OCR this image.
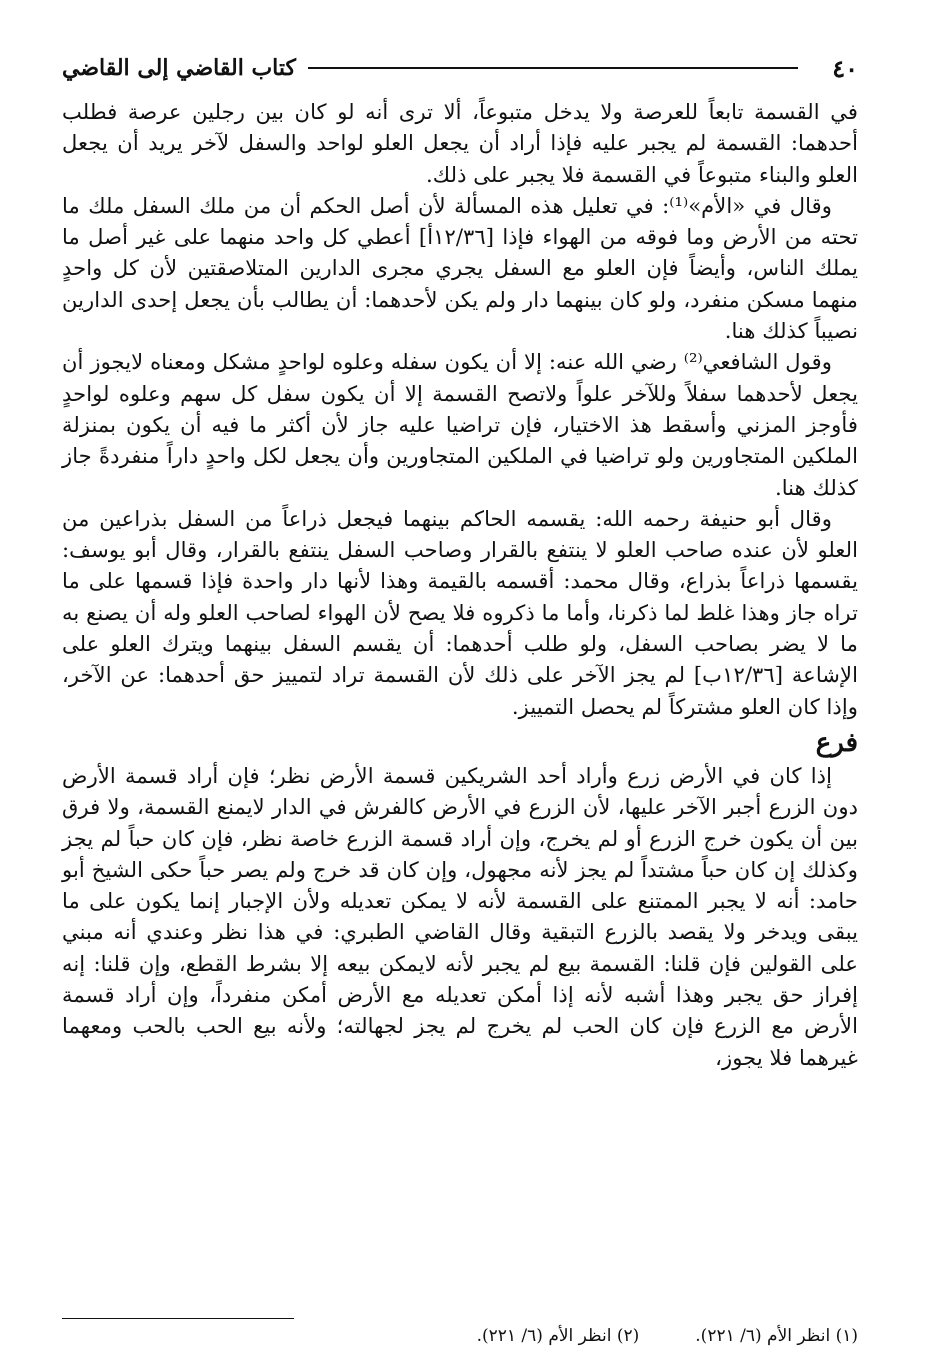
٤٠
كتاب القاضي إلى القاضي

في القسمة تابعاً للعرصة ولا يدخل متبوعاً، ألا ترى أنه لو كان بين رجلين عرصة فطلب أحدهما: القسمة لم يجبر عليه فإذا أراد أن يجعل العلو لواحد والسفل لآخر يريد أن يجعل العلو والبناء متبوعاً في القسمة فلا يجبر على ذلك.

وقال في «الأم»⁽¹⁾: في تعليل هذه المسألة لأن أصل الحكم أن من ملك السفل ملك ما تحته من الأرض وما فوقه من الهواء فإذا [١٢/٣٦أ] أعطي كل واحد منهما على غير أصل ما يملك الناس، وأيضاً فإن العلو مع السفل يجري مجرى الدارين المتلاصقتين لأن كل واحدٍ منهما مسكن منفرد، ولو كان بينهما دار ولم يكن لأحدهما: أن يطالب بأن يجعل إحدى الدارين نصيباً كذلك هنا.

وقول الشافعي⁽²⁾ رضي الله عنه: إلا أن يكون سفله وعلوه لواحدٍ مشكل ومعناه لايجوز أن يجعل لأحدهما سفلاً وللآخر علواً ولاتصح القسمة إلا أن يكون سفل كل سهم وعلوه لواحدٍ فأوجز المزني وأسقط هذ الاختيار، فإن تراضيا عليه جاز لأن أكثر ما فيه أن يكون بمنزلة الملكين المتجاورين ولو تراضيا في الملكين المتجاورين وأن يجعل لكل واحدٍ داراً منفردةً جاز كذلك هنا.

وقال أبو حنيفة رحمه الله: يقسمه الحاكم بينهما فيجعل ذراعاً من السفل بذراعين من العلو لأن عنده صاحب العلو لا ينتفع بالقرار وصاحب السفل ينتفع بالقرار، وقال أبو يوسف: يقسمها ذراعاً بذراع، وقال محمد: أقسمه بالقيمة وهذا لأنها دار واحدة فإذا قسمها على ما تراه جاز وهذا غلط لما ذكرنا، وأما ما ذكروه فلا يصح لأن الهواء لصاحب العلو وله أن يصنع به ما لا يضر بصاحب السفل، ولو طلب أحدهما: أن يقسم السفل بينهما ويترك العلو على الإشاعة [١٢/٣٦ب] لم يجز الآخر على ذلك لأن القسمة تراد لتمييز حق أحدهما: عن الآخر، وإذا كان العلو مشتركاً لم يحصل التمييز.

فرع

إذا كان في الأرض زرع وأراد أحد الشريكين قسمة الأرض نظر؛ فإن أراد قسمة الأرض دون الزرع أجبر الآخر عليها، لأن الزرع في الأرض كالفرش في الدار لايمنع القسمة، ولا فرق بين أن يكون خرج الزرع أو لم يخرج، وإن أراد قسمة الزرع خاصة نظر، فإن كان حباً لم يجز وكذلك إن كان حباً مشتداً لم يجز لأنه مجهول، وإن كان قد خرج ولم يصر حباً حكى الشيخ أبو حامد: أنه لا يجبر الممتنع على القسمة لأنه لا يمكن تعديله ولأن الإجبار إنما يكون على ما يبقى ويدخر ولا يقصد بالزرع التبقية وقال القاضي الطبري: في هذا نظر وعندي أنه مبني على القولين فإن قلنا: القسمة بيع لم يجبر لأنه لايمكن بيعه إلا بشرط القطع، وإن قلنا: إنه إفراز حق يجبر وهذا أشبه لأنه إذا أمكن تعديله مع الأرض أمكن منفرداً، وإن أراد قسمة الأرض مع الزرع فإن كان الحب لم يخرج لم يجز لجهالته؛ ولأنه بيع الحب بالحب ومعهما غيرهما فلا يجوز،

(١) انظر الأم (٦/ ٢٢١).
(٢) انظر الأم (٦/ ٢٢١).
